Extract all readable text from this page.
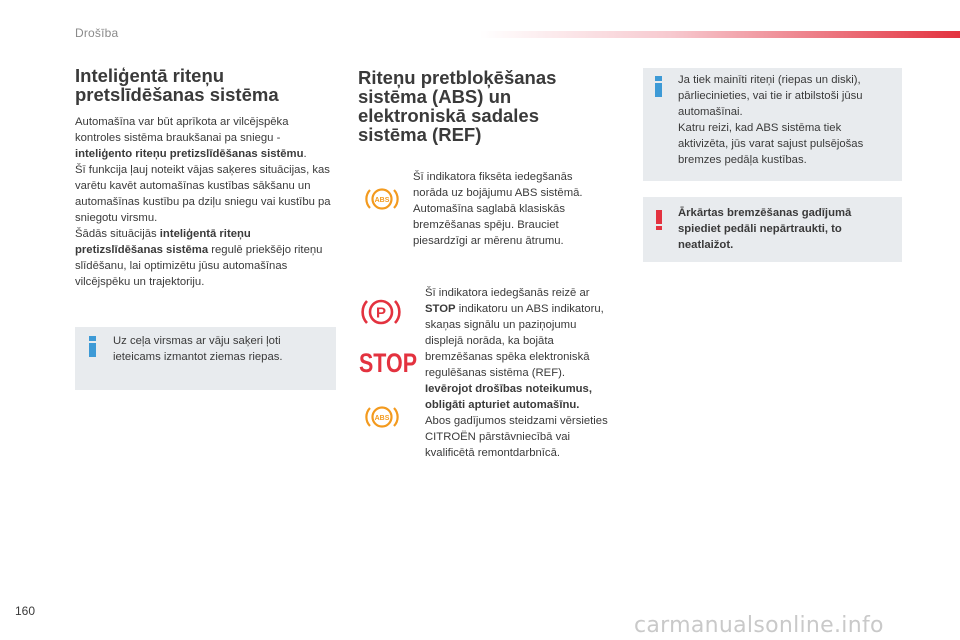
Drošība
Inteliģentā riteņu
pretslīdēšanas sistēma

Automašīna var būt aprīkota ar vilcējspēka kontroles sistēma braukšanai pa sniegu - inteliģento riteņu pretizslīdēšanas sistēmu.

Šī funkcija ļauj noteikt vājas saķeres situācijas, kas varētu kavēt automašīnas kustības sākšanu un automašīnas kustību pa dziļu sniegu vai kustību pa sniegotu virsmu.

Šādās situācijās inteliģentā riteņu pretizslīdēšanas sistēma regulē priekšējo riteņu slīdēšanu, lai optimizētu jūsu automašīnas vilcējspēku un trajektoriju.

Uz ceļa virsmas ar vāju saķeri ļoti ieteicams izmantot ziemas riepas.
Riteņu pretbloķēšanas
sistēma (ABS) un
elektroniskā sadales
sistēma (REF)
ABS
Šī indikatora fiksēta iedegšanās norāda uz bojājumu ABS sistēmā. Automašīna saglabā klasiskās bremzēšanas spēju. Brauciet piesardzīgi ar mērenu ātrumu.
P
STOP
ABS

Šī indikatora iedegšanās reizē ar STOP indikatoru un ABS indikatoru, skaņas signālu un paziņojumu displejā norāda, ka bojāta bremzēšanas spēka elektroniskā regulēšanas sistēma (REF).

Ievērojot drošības noteikumus, obligāti apturiet automašīnu.

Abos gadījumos steidzami vērsieties CITROËN pārstāvniecībā vai kvalificētā remontdarbnīcā.

Ja tiek mainīti riteņi (riepas un diski), pārliecinieties, vai tie ir atbilstoši jūsu automašīnai.
Katru reizi, kad ABS sistēma tiek aktivizēta, jūs varat sajust pulsējošas bremzes pedāļa kustības.
Ārkārtas bremzēšanas gadījumā spiediet pedāli nepārtraukti, to neatlaižot.
160
carmanualsonline.info
